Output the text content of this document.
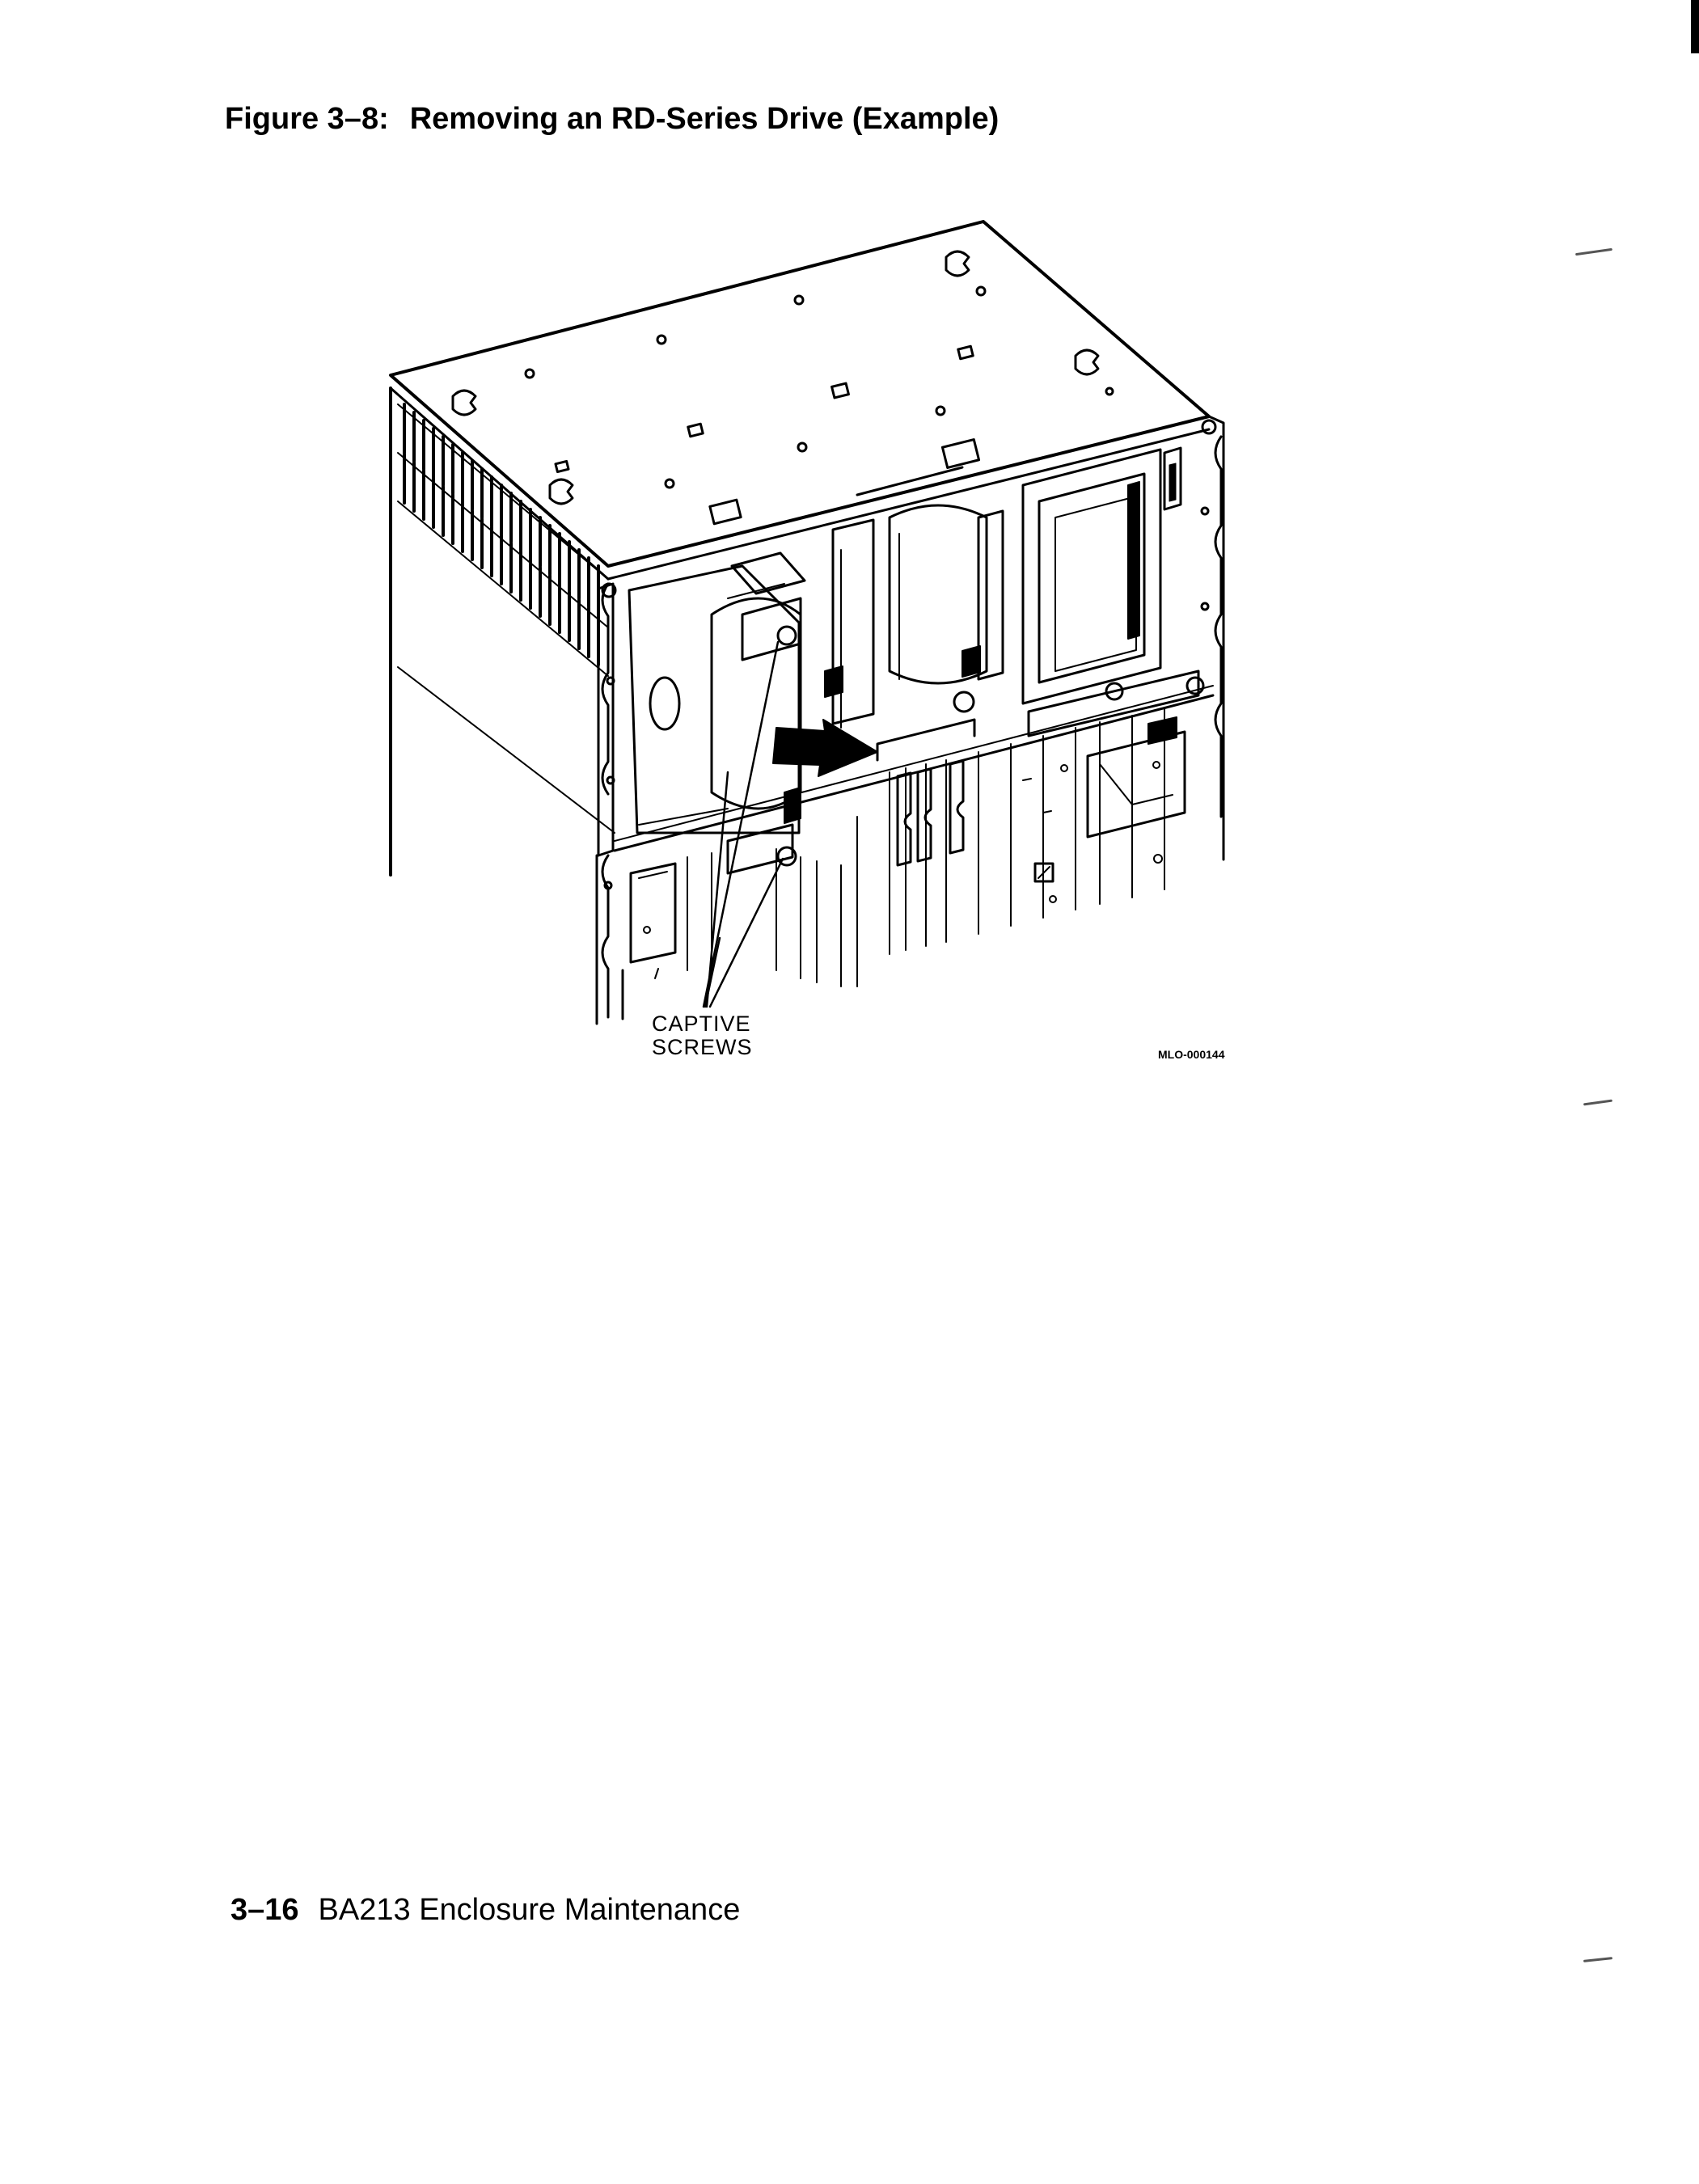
Figure 3–8: Removing an RD-Series Drive (Example)
CAPTIVE
SCREWS	MLO-000144
3–16 BA213 Enclosure Maintenance
